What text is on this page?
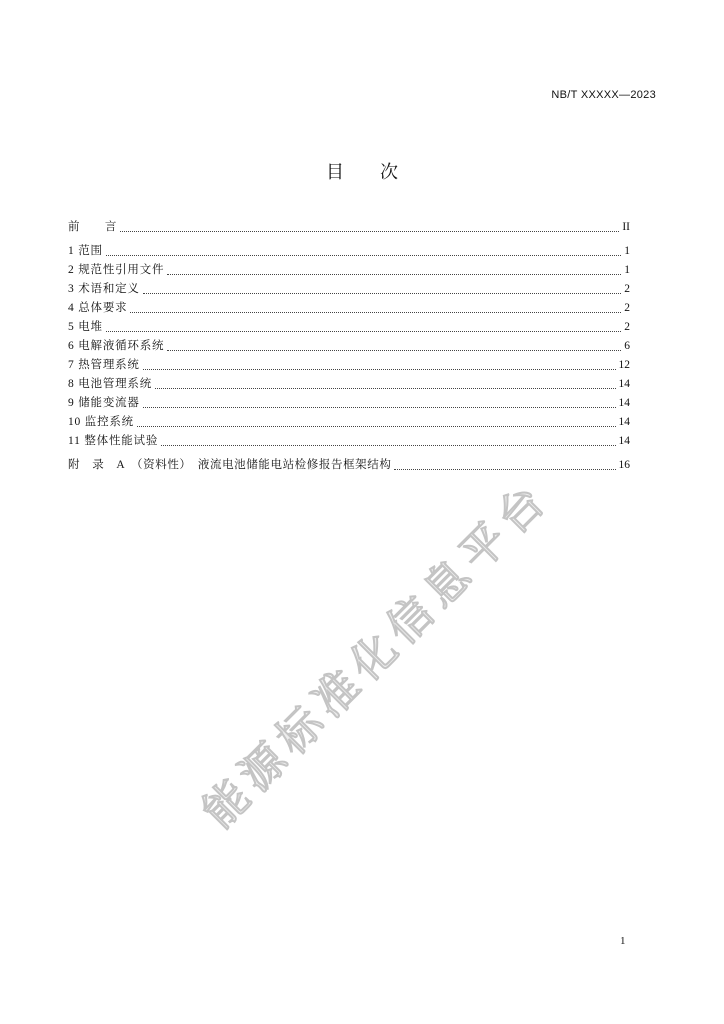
NB/T XXXXX—2023
目　　次
前　　言	II
1 范围	1
2 规范性引用文件	1
3 术语和定义	2
4 总体要求	2
5 电堆	2
6 电解液循环系统	6
7 热管理系统	12
8 电池管理系统	14
9 储能变流器	14
10 监控系统	14
11 整体性能试验	14
附　录　A　（资料性）　液流电池储能电站检修报告框架结构	16
能源标准化信息平台
1
